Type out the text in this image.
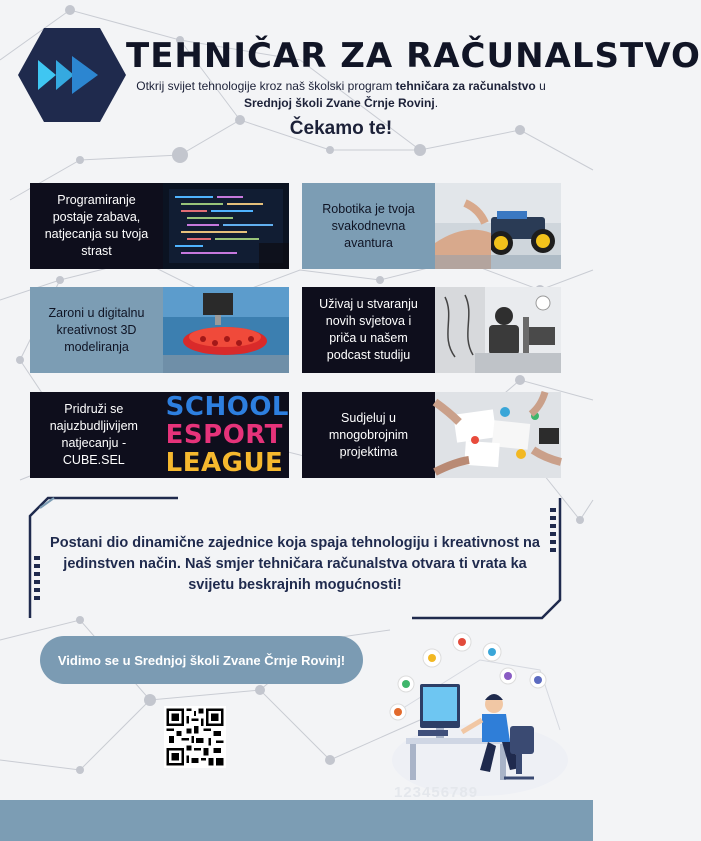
TEHNIČAR ZA RAČUNALSTVO
Otkrij svijet tehnologije kroz naš školski program tehničara za računalstvo u
Srednjoj školi Zvane Črnje Rovinj.
Čekamo te!
Programiranje postaje zabava, natjecanja su tvoja strast
Robotika je tvoja svakodnevna avantura
Zaroni u digitalnu kreativnost 3D modeliranja
Uživaj u stvaranju novih svjetova i priča u našem podcast studiju
Pridruži se najuzbudljivijem natjecanju - CUBE.SEL
SCHOOL
ESPORT
LEAGUE
Sudjeluj u mnogobrojnim projektima
Postani dio dinamične zajednice koja spaja tehnologiju i kreativnost na jedinstven način. Naš smjer tehničara računalstva otvara ti vrata ka svijetu beskrajnih mogućnosti!
Vidimo se u Srednjoj školi Zvane Črnje Rovinj!
123456789
